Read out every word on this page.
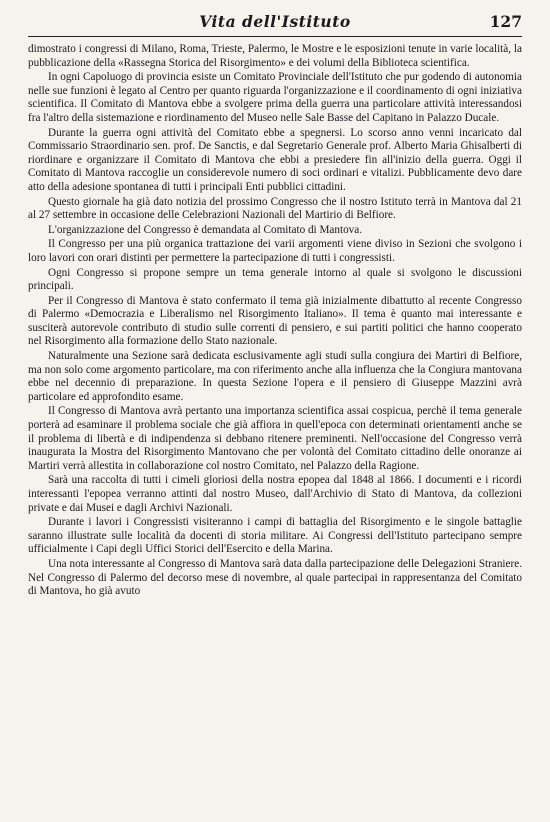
Vita dell'Istituto	127

dimostrato i congressi di Milano, Roma, Trieste, Palermo, le Mostre e le esposizioni tenute in varie località, la pubblicazione della «Rassegna Storica del Risorgimento» e dei volumi della Biblioteca scientifica.

In ogni Capoluogo di provincia esiste un Comitato Provinciale dell'Istituto che pur godendo di autonomia nelle sue funzioni è legato al Centro per quanto riguarda l'organizzazione e il coordinamento di ogni iniziativa scientifica. Il Comitato di Mantova ebbe a svolgere prima della guerra una particolare attività interessandosi fra l'altro della sistemazione e riordinamento del Museo nelle Sale Basse del Capitano in Palazzo Ducale.

Durante la guerra ogni attività del Comitato ebbe a spegnersi. Lo scorso anno venni incaricato dal Commissario Straordinario sen. prof. De Sanctis, e dal Segretario Generale prof. Alberto Maria Ghisalberti di riordinare e organizzare il Comitato di Mantova che ebbi a presiedere fin all'inizio della guerra. Oggi il Comitato di Mantova raccoglie un considerevole numero di soci ordinari e vitalizi. Pubblicamente devo dare atto della adesione spontanea di tutti i principali Enti pubblici cittadini.

Questo giornale ha già dato notizia del prossimo Congresso che il nostro Istituto terrà in Mantova dal 21 al 27 settembre in occasione delle Celebrazioni Nazionali del Martirio di Belfiore.

L'organizzazione del Congresso è demandata al Comitato di Mantova.

Il Congresso per una più organica trattazione dei varii argomenti viene diviso in Sezioni che svolgono i loro lavori con orari distinti per permettere la partecipazione di tutti i congressisti.

Ogni Congresso si propone sempre un tema generale intorno al quale si svolgono le discussioni principali.

Per il Congresso di Mantova è stato confermato il tema già inizialmente dibattutto al recente Congresso di Palermo «Democrazia e Liberalismo nel Risorgimento Italiano». Il tema è quanto mai interessante e susciterà autorevole contributo di studio sulle correnti di pensiero, e sui partiti politici che hanno cooperato nel Risorgimento alla formazione dello Stato nazionale.

Naturalmente una Sezione sarà dedicata esclusivamente agli studi sulla congiura dei Martiri di Belfiore, ma non solo come argomento particolare, ma con riferimento anche alla influenza che la Congiura mantovana ebbe nel decennio di preparazione. In questa Sezione l'opera e il pensiero di Giuseppe Mazzini avrà particolare ed approfondito esame.

Il Congresso di Mantova avrà pertanto una importanza scientifica assai cospicua, perchè il tema generale porterà ad esaminare il problema sociale che già affiora in quell'epoca con determinati orientamenti anche se il problema di libertà e di indipendenza si debbano ritenere preminenti. Nell'occasione del Congresso verrà inaugurata la Mostra del Risorgimento Mantovano che per volontà del Comitato cittadino delle onoranze ai Martiri verrà allestita in collaborazione col nostro Comitato, nel Palazzo della Ragione.

Sarà una raccolta di tutti i cimeli gloriosi della nostra epopea dal 1848 al 1866. I documenti e i ricordi interessanti l'epopea verranno attinti dal nostro Museo, dall'Archivio di Stato di Mantova, da collezioni private e dai Musei e dagli Archivi Nazionali.

Durante i lavori i Congressisti visiteranno i campi di battaglia del Risorgimento e le singole battaglie saranno illustrate sulle località da docenti di storia militare. Ai Congressi dell'Istituto partecipano sempre ufficialmente i Capi degli Uffici Storici dell'Esercito e della Marina.

Una nota interessante al Congresso di Mantova sarà data dalla partecipazione delle Delegazioni Straniere. Nel Congresso di Palermo del decorso mese di novembre, al quale partecipai in rappresentanza del Comitato di Mantova, ho già avuto
